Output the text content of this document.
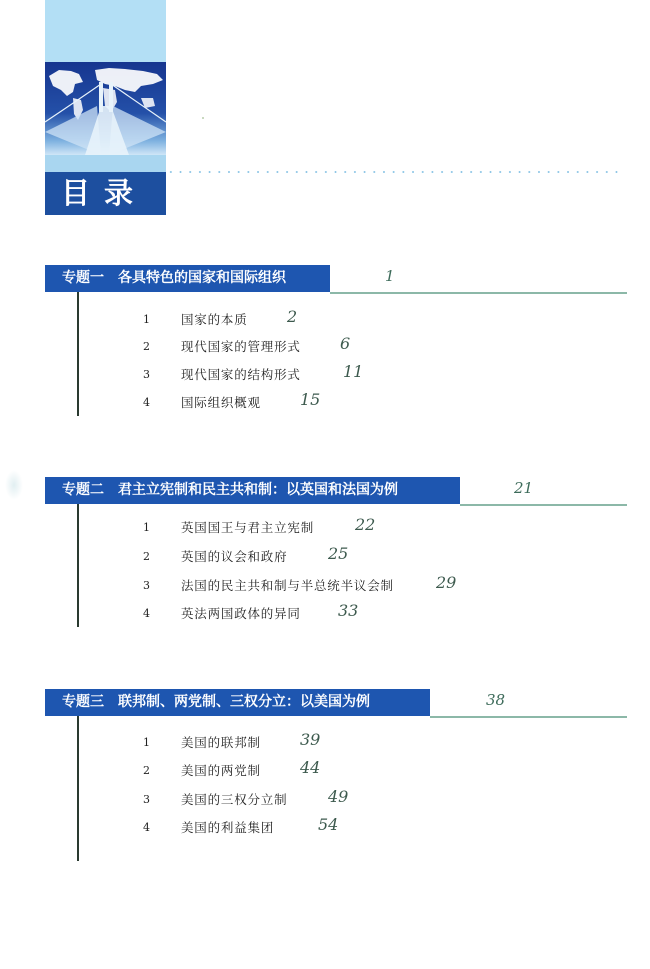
目录
专题一 各具特色的国家和国际组织	1
1 国家的本质 2
2 现代国家的管理形式 6
3 现代国家的结构形式	11
4 国际组织概观 15
专题二 君主立宪制和民主共和制：以英国和法国为例	21
1 英国国王与君主立宪制	22
2 英国的议会和政府	25
3 法国的民主共和制与半总统半议会制	29
4 英法两国政体的异同 33
专题三 联邦制、两党制、三权分立：以美国为例	38
1 美国的联邦制 39
2 美国的两党制 44
3 美国的三权分立制	49
4 美国的利益集团	54
